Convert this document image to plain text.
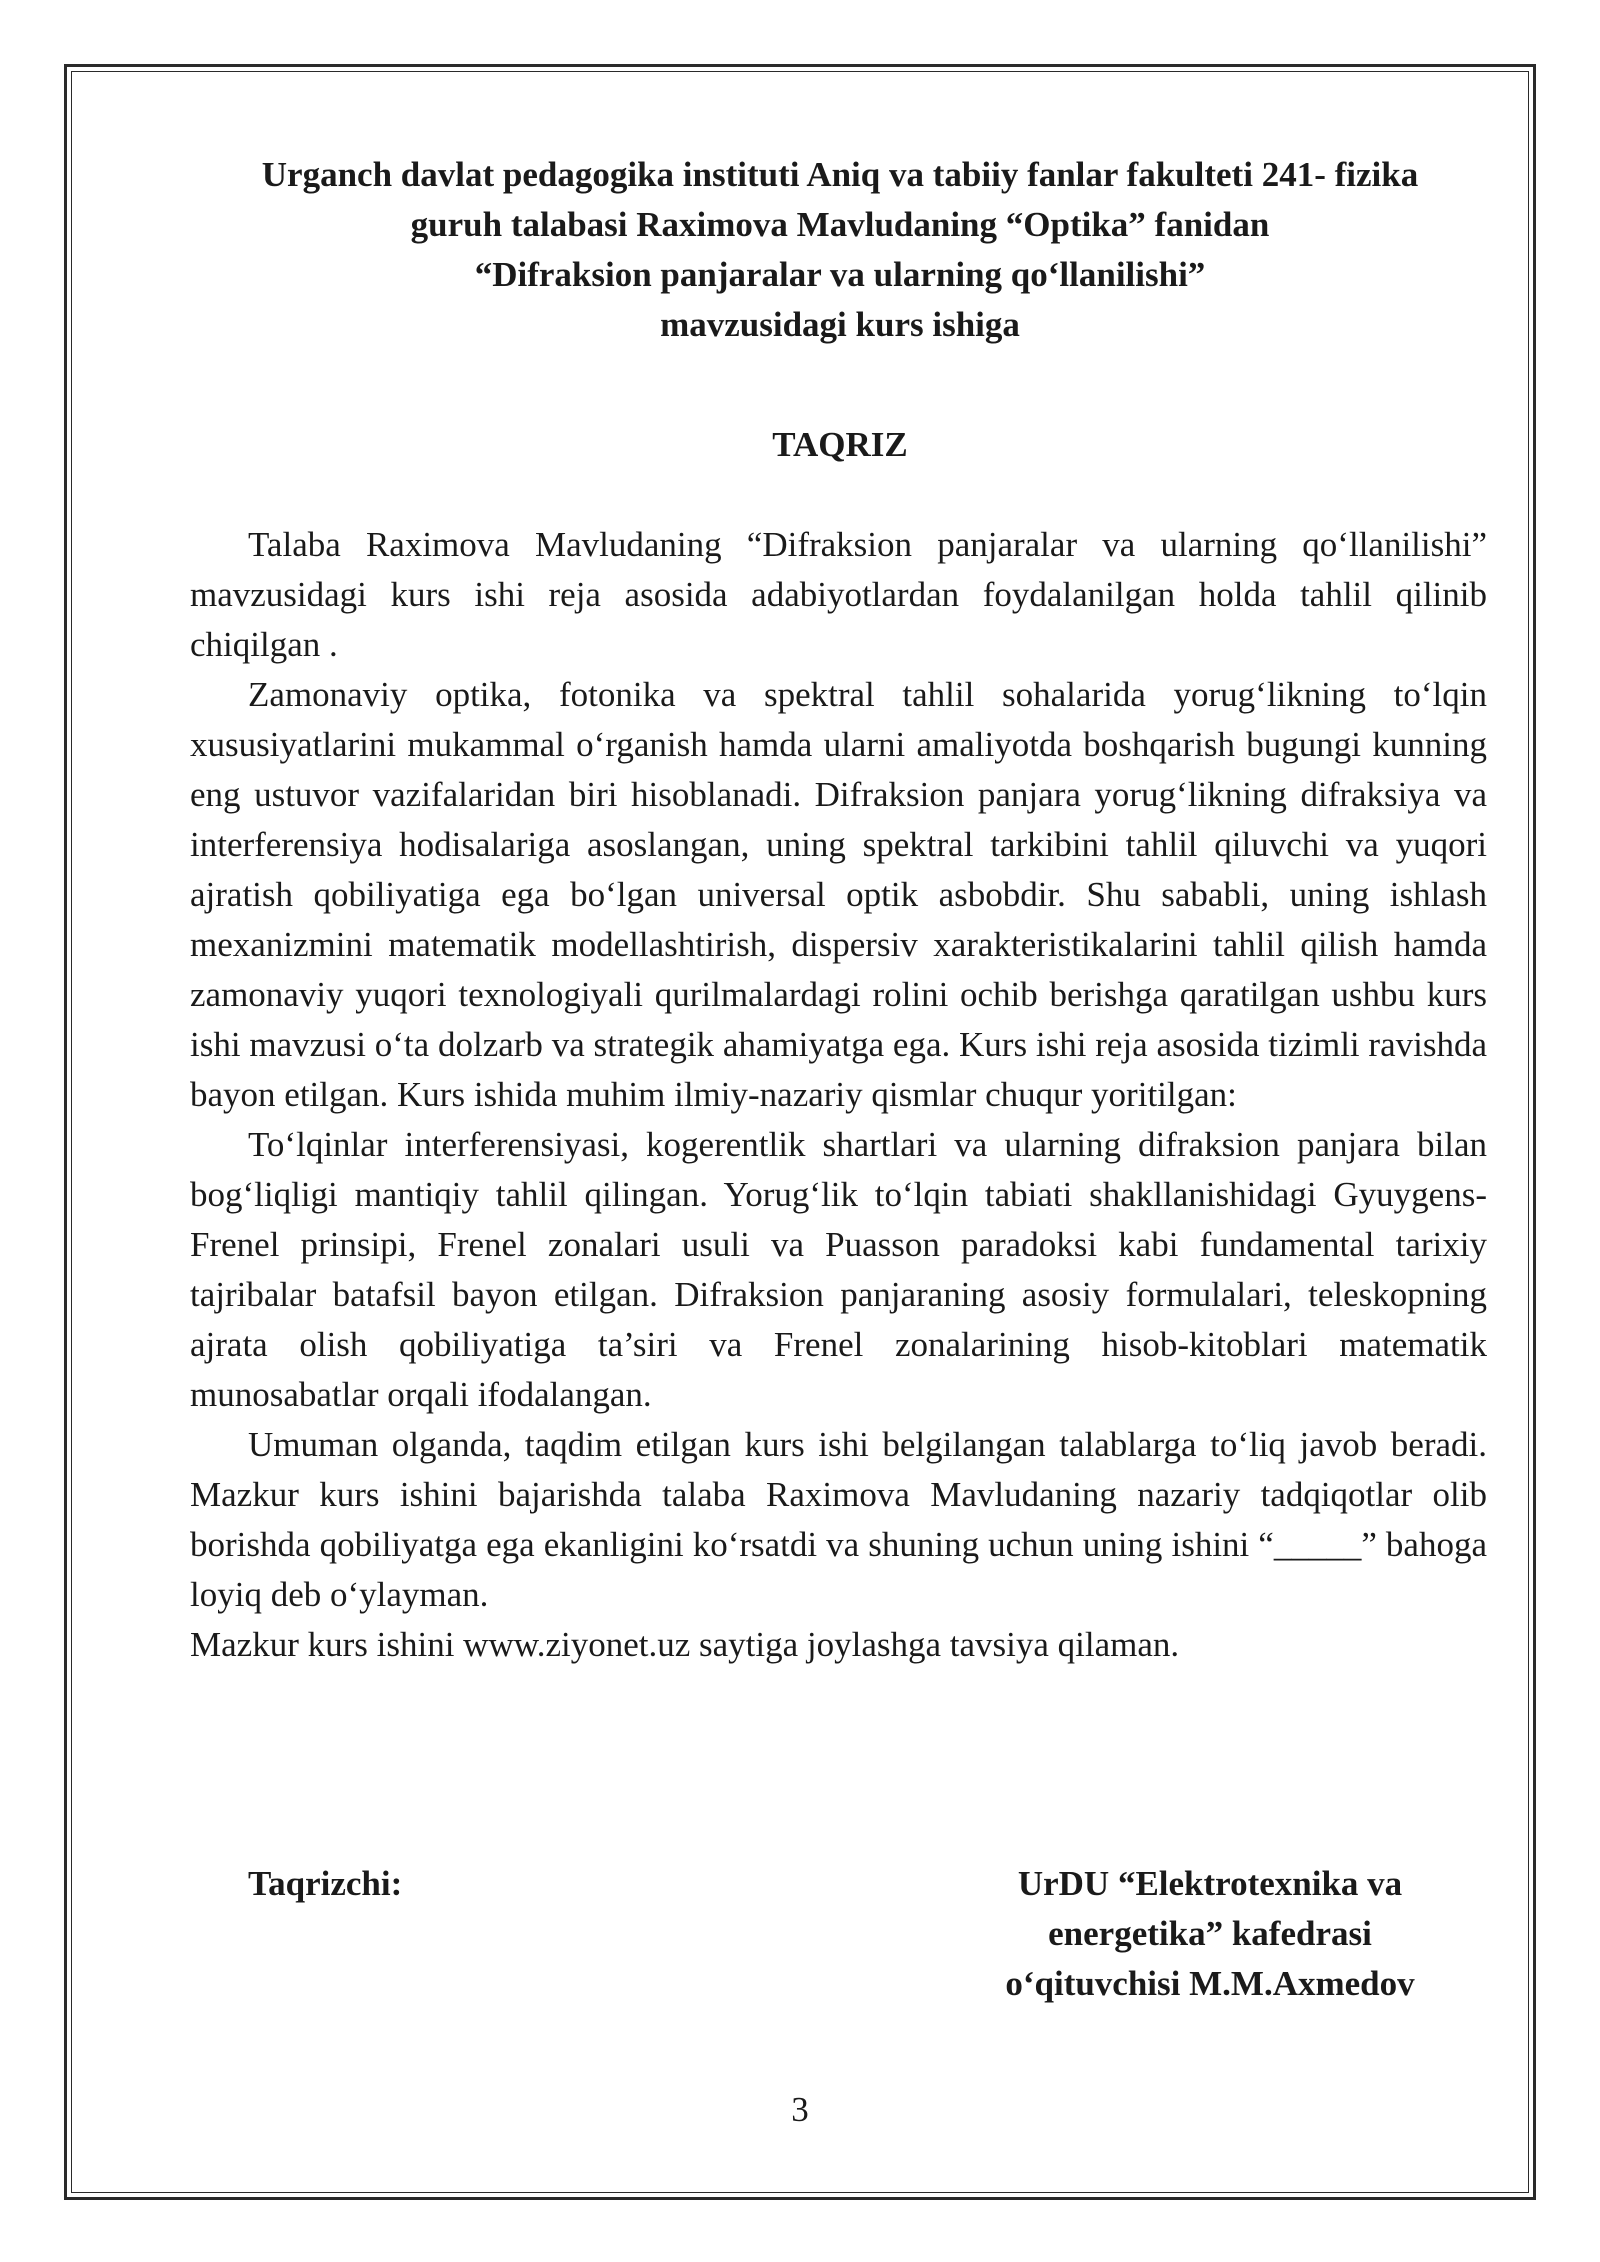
Urganch davlat pedagogika instituti Aniq va tabiiy fanlar fakulteti 241- fizika
guruh talabasi Raximova Mavludaning “Optika” fanidan
“Difraksion panjaralar va ularning qo‘llanilishi”
mavzusidagi kurs ishiga
TAQRIZ

Talaba Raximova Mavludaning “Difraksion panjaralar va ularning qo‘llanilishi” mavzusidagi kurs ishi reja asosida adabiyotlardan foydalanilgan holda tahlil qilinib chiqilgan .

Zamonaviy optika, fotonika va spektral tahlil sohalarida yorug‘likning to‘lqin xususiyatlarini mukammal o‘rganish hamda ularni amaliyotda boshqarish bugungi kunning eng ustuvor vazifalaridan biri hisoblanadi. Difraksion panjara yorug‘likning difraksiya va interferensiya hodisalariga asoslangan, uning spektral tarkibini tahlil qiluvchi va yuqori ajratish qobiliyatiga ega bo‘lgan universal optik asbobdir. Shu sababli, uning ishlash mexanizmini matematik modellashtirish, dispersiv xarakteristikalarini tahlil qilish hamda zamonaviy yuqori texnologiyali qurilmalardagi rolini ochib berishga qaratilgan ushbu kurs ishi mavzusi o‘ta dolzarb va strategik ahamiyatga ega. Kurs ishi reja asosida tizimli ravishda bayon etilgan. Kurs ishida muhim ilmiy-nazariy qismlar chuqur yoritilgan:

To‘lqinlar interferensiyasi, kogerentlik shartlari va ularning difraksion panjara bilan bog‘liqligi mantiqiy tahlil qilingan. Yorug‘lik to‘lqin tabiati shakllanishidagi Gyuygens-Frenel prinsipi, Frenel zonalari usuli va Puasson paradoksi kabi fundamental tarixiy tajribalar batafsil bayon etilgan. Difraksion panjaraning asosiy formulalari, teleskopning ajrata olish qobiliyatiga ta’siri va Frenel zonalarining hisob-kitoblari matematik munosabatlar orqali ifodalangan.

Umuman olganda, taqdim etilgan kurs ishi belgilangan talablarga to‘liq javob beradi. Mazkur kurs ishini bajarishda talaba Raximova Mavludaning nazariy tadqiqotlar olib borishda qobiliyatga ega ekanligini ko‘rsatdi va shuning uchun uning ishini “_____” bahoga loyiq deb o‘ylayman.

Mazkur kurs ishini www.ziyonet.uz saytiga joylashga tavsiya qilaman.

Taqrizchi:	UrDU “Elektrotexnika va
energetika” kafedrasi
o‘qituvchisi M.M.Axmedov
3
